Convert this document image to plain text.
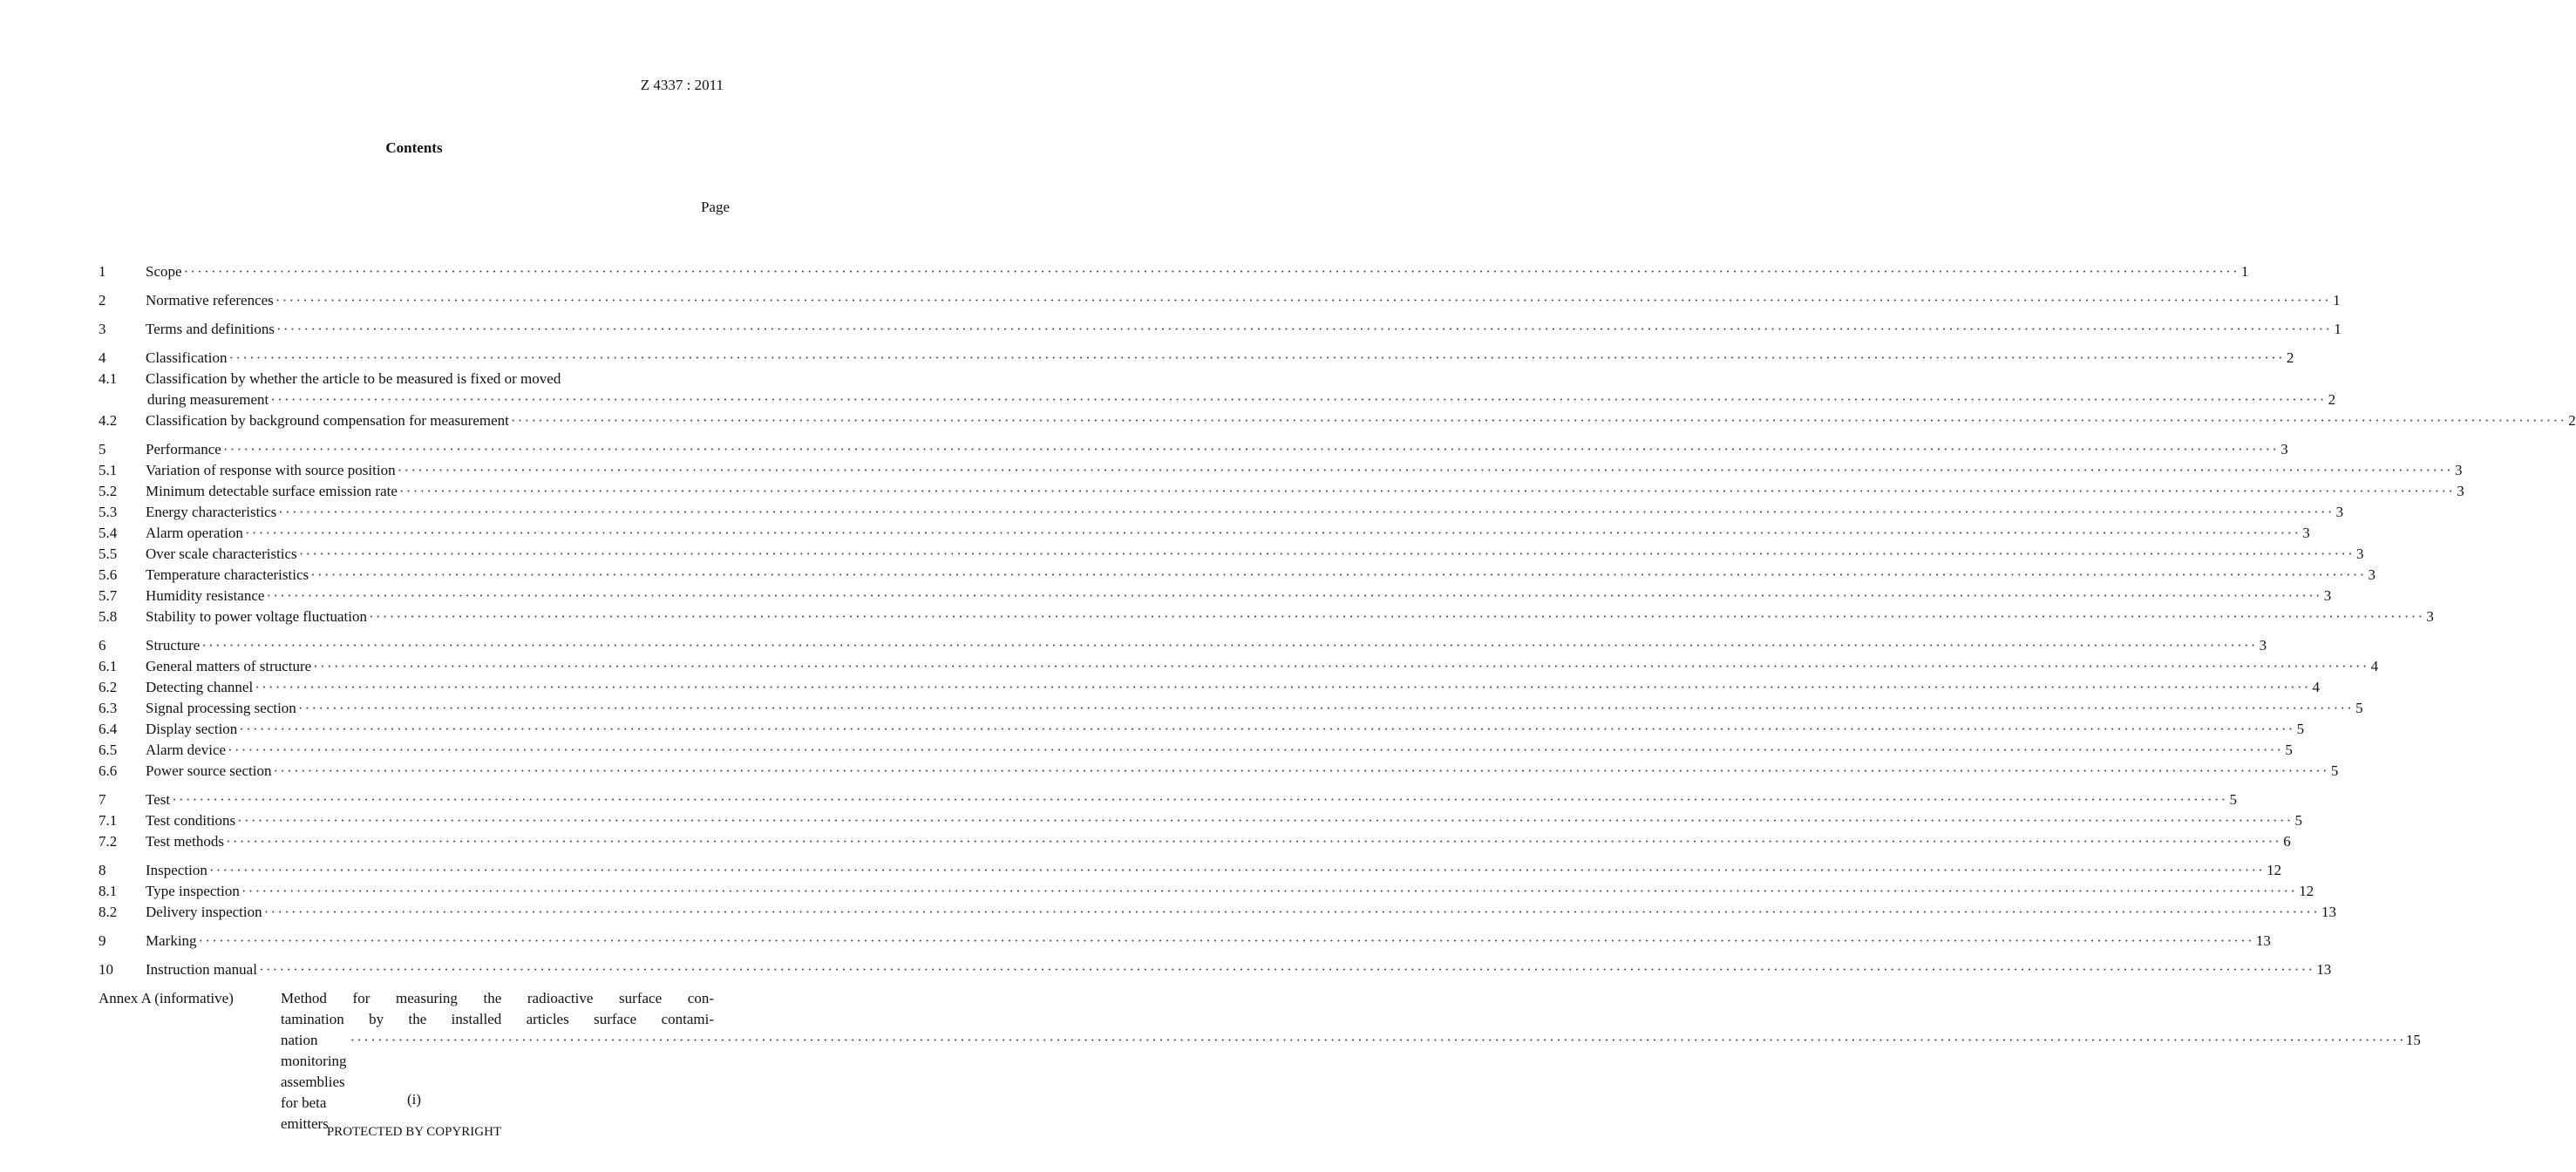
Z 4337 : 2011
Contents
Page
1	Scope ············································································································································································································································································································ 1
2	Normative references ············································································································································································································································································································ 1
3	Terms and definitions ············································································································································································································································································································ 1
4	Classification ············································································································································································································································································································ 2
4.1 Classification by whether the article to be measured is fixed or moved
during measurement ············································································································································································································································································································ 2
4.2 Classification by background compensation for measurement ············································································································································································································································································································ 2
5	Performance ············································································································································································································································································································ 3
5.1 Variation of response with source position ············································································································································································································································································································ 3
5.2 Minimum detectable surface emission rate ············································································································································································································································································································ 3
5.3 Energy characteristics ············································································································································································································································································································ 3
5.4 Alarm operation ············································································································································································································································································································ 3
5.5 Over scale characteristics ············································································································································································································································································································ 3
5.6 Temperature characteristics ············································································································································································································································································································ 3
5.7 Humidity resistance ············································································································································································································································································································ 3
5.8 Stability to power voltage fluctuation ············································································································································································································································································································ 3
6	Structure ············································································································································································································································································································ 3
6.1 General matters of structure ············································································································································································································································································································ 4
6.2 Detecting channel ············································································································································································································································································································ 4
6.3 Signal processing section ············································································································································································································································································································ 5
6.4 Display section ············································································································································································································································································································ 5
6.5 Alarm device ············································································································································································································································································································ 5
6.6 Power source section ············································································································································································································································································································ 5
7	Test ············································································································································································································································································································ 5
7.1 Test conditions ············································································································································································································································································································ 5
7.2 Test methods ············································································································································································································································································································ 6
8	Inspection ············································································································································································································································································································ 12
8.1 Type inspection ············································································································································································································································································································ 12
8.2 Delivery inspection ············································································································································································································································································································ 13
9	Marking ············································································································································································································································································································ 13
10 Instruction manual ············································································································································································································································································································ 13
Annex A (informative)	Method for measuring the radioactive surface con-
tamination by the installed articles surface contami-
nation monitoring assemblies for beta emitters
············································································································································································································································································································ 15
(i)
PROTECTED BY COPYRIGHT
